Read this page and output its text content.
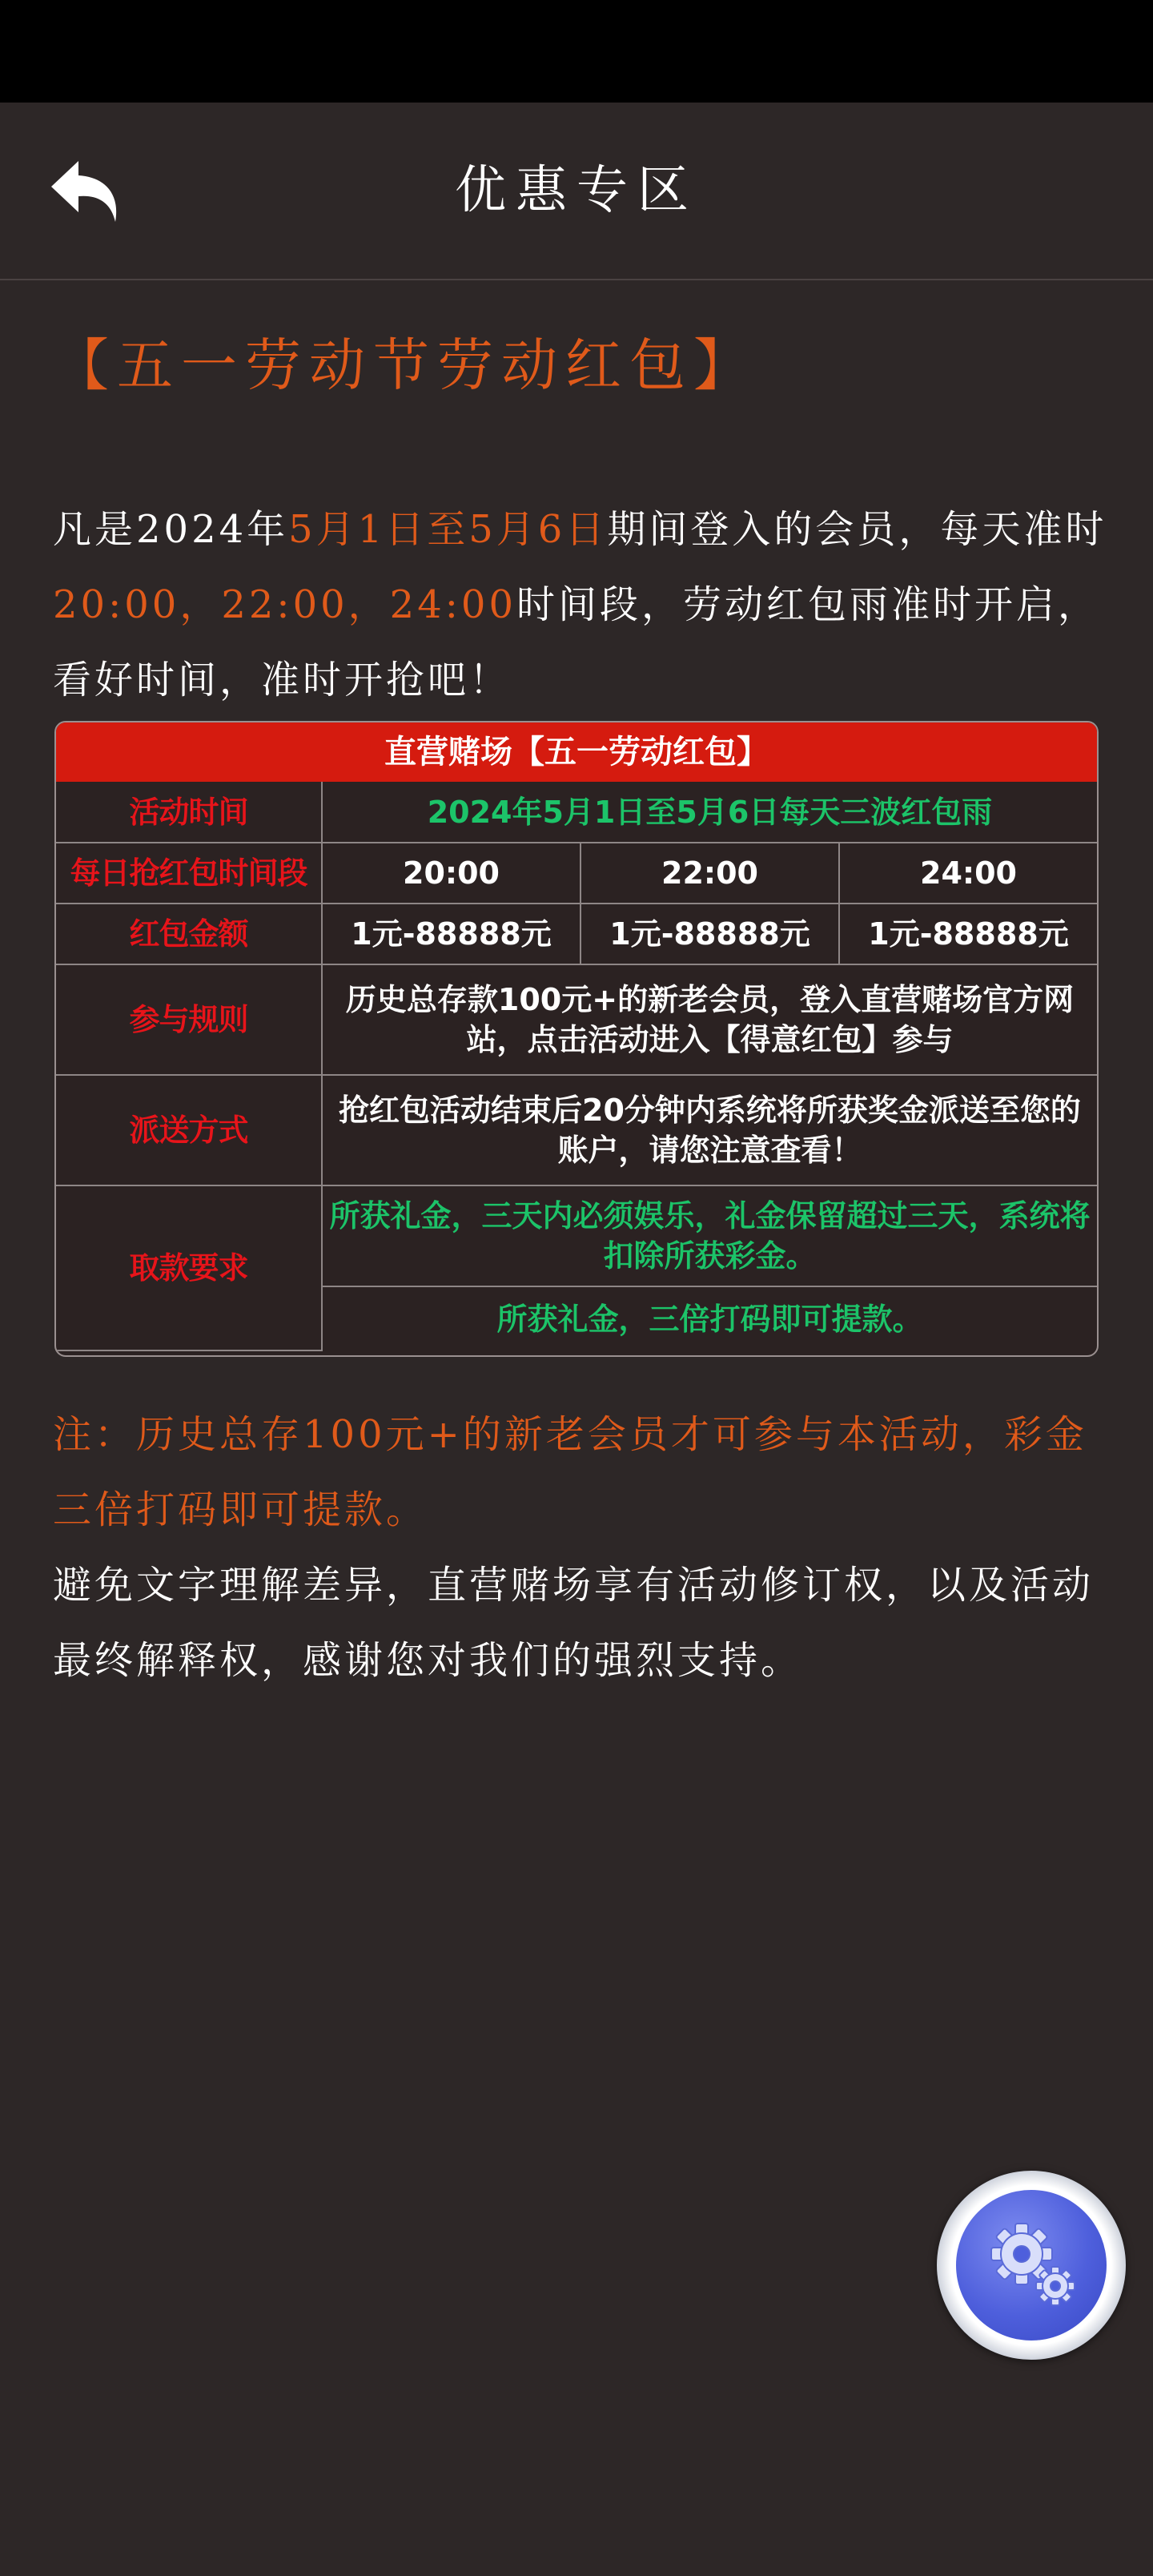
优惠专区
【五一劳动节劳动红包】
凡是2024年5月1日至5月6日期间登入的会员，每天准时20:00，22:00，24:00时间段，劳动红包雨准时开启，看好时间，准时开抢吧！
直营赌场【五一劳动红包】
活动时间	2024年5月1日至5月6日每天三波红包雨		
每日抢红包时间段	20:00	22:00	24:00
红包金额	1元-88888元	1元-88888元	1元-88888元
参与规则	历史总存款100元+的新老会员，登入直营赌场官方网站，点击活动进入【得意红包】参与		
派送方式	抢红包活动结束后20分钟内系统将所获奖金派送至您的账户，请您注意查看！		
取款要求	所获礼金，三天内必须娱乐，礼金保留超过三天，系统将扣除所获彩金。		
	所获礼金，三倍打码即可提款。		
注：历史总存100元+的新老会员才可参与本活动，彩金三倍打码即可提款。
避免文字理解差异，直营赌场享有活动修订权，以及活动最终解释权，感谢您对我们的强烈支持。
